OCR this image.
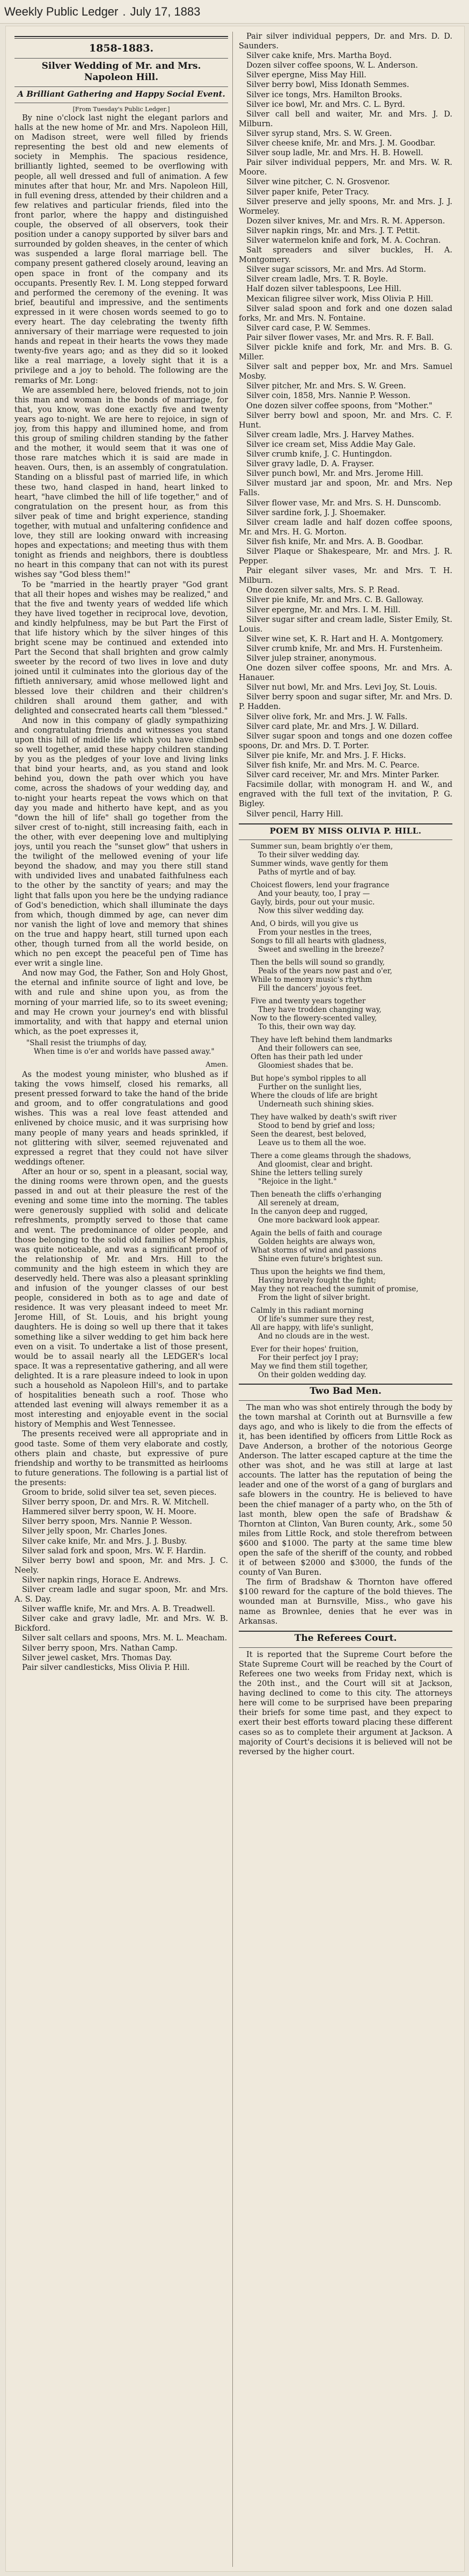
Weekly Public Ledger . July 17, 1883
1858-1883.
Silver Wedding of Mr. and Mrs.
Napoleon Hill.
A Brilliant Gathering and Happy Social Event.
[From Tuesday's Public Ledger.]

By nine o'clock last night the elegant parlors and halls at the new home of Mr. and Mrs. Napoleon Hill, on Madison street, were well filled by friends representing the best old and new elements of society in Memphis. The spacious residence, brilliantly lighted, seemed to be overflowing with people, all well dressed and full of animation. A few minutes after that hour, Mr. and Mrs. Napoleon Hill, in full evening dress, attended by their children and a few relatives and particular friends, filed into the front parlor, where the happy and distinguished couple, the observed of all observers, took their position under a canopy supported by silver bars and surrounded by golden sheaves, in the center of which was suspended a large floral marriage bell. The company present gathered closely around, leaving an open space in front of the company and its occupants. Presently Rev. I. M. Long stepped forward and performed the ceremony of the evening. It was brief, beautiful and impressive, and the sentiments expressed in it were chosen words seemed to go to every heart. The day celebrating the twenty fifth anniversary of their marriage were requested to join hands and repeat in their hearts the vows they made twenty-five years ago; and as they did so it looked like a real marriage, a lovely sight that it is a privilege and a joy to behold. The following are the remarks of Mr. Long:

We are assembled here, beloved friends, not to join this man and woman in the bonds of marriage, for that, you know, was done exactly five and twenty years ago to-night. We are here to rejoice, in sign of joy, from this happy and illumined home, and from this group of smiling children standing by the father and the mother, it would seem that it was one of those rare matches which it is said are made in heaven. Ours, then, is an assembly of congratulation. Standing on a blissful past of married life, in which these two, hand clasped in hand, heart linked to heart, "have climbed the hill of life together," and of congratulation on the present hour, as from this silver peak of time and bright experience, standing together, with mutual and unfaltering confidence and love, they still are looking onward with increasing hopes and expectations; and meeting thus with them tonight as friends and neighbors, there is doubtless no heart in this company that can not with its purest wishes say "God bless them!"

To be "married in the heartly prayer "God grant that all their hopes and wishes may be realized," and that the five and twenty years of wedded life which they have lived together in reciprocal love, devotion, and kindly helpfulness, may be but Part the First of that life history which by the silver hinges of this bright scene may be continued and extended into Part the Second that shall brighten and grow calmly sweeter by the record of two lives in love and duty joined until it culminates into the glorious day of the fiftieth anniversary, amid whose mellowed light and blessed love their children and their children's children shall around them gather, and with delighted and consecrated hearts call them "blessed."

And now in this company of gladly sympathizing and congratulating friends and witnesses you stand upon this hill of middle life which you have climbed so well together, amid these happy children standing by you as the pledges of your love and living links that bind your hearts, and, as you stand and look behind you, down the path over which you have come, across the shadows of your wedding day, and to-night your hearts repeat the vows which on that day you made and hitherto have kept, and as you "down the hill of life" shall go together from the silver crest of to-night, still increasing faith, each in the other, with ever deepening love and multiplying joys, until you reach the "sunset glow" that ushers in the twilight of the mellowed evening of your life beyond the shadow, and may you there still stand with undivided lives and unabated faithfulness each to the other by the sanctity of years; and may the light that falls upon you here be the undying radiance of God's benediction, which shall illuminate the days from which, though dimmed by age, can never dim nor vanish the light of love and memory that shines on the true and happy heart, still turned upon each other, though turned from all the world beside, on which no pen except the peaceful pen of Time has ever writ a single line.

And now may God, the Father, Son and Holy Ghost, the eternal and infinite source of light and love, be with and rule and shine upon you, as from the morning of your married life, so to its sweet evening; and may He crown your journey's end with blissful immortality, and with that happy and eternal union which, as the poet expresses it,

"Shall resist the triumphs of day,
When time is o'er and worlds have passed away."
Amen.

As the modest young minister, who blushed as if taking the vows himself, closed his remarks, all present pressed forward to take the hand of the bride and groom, and to offer congratulations and good wishes. This was a real love feast attended and enlivened by choice music, and it was surprising how many people of many years and heads sprinkled, if not glittering with silver, seemed rejuvenated and expressed a regret that they could not have silver weddings oftener.

After an hour or so, spent in a pleasant, social way, the dining rooms were thrown open, and the guests passed in and out at their pleasure the rest of the evening and some time into the morning. The tables were generously supplied with solid and delicate refreshments, promptly served to those that came and went. The predominance of older people, and those belonging to the solid old families of Memphis, was quite noticeable, and was a significant proof of the relationship of Mr. and Mrs. Hill to the community and the high esteem in which they are deservedly held. There was also a pleasant sprinkling and infusion of the younger classes of our best people, considered in both as to age and date of residence. It was very pleasant indeed to meet Mr. Jerome Hill, of St. Louis, and his bright young daughters. He is doing so well up there that it takes something like a silver wedding to get him back here even on a visit. To undertake a list of those present, would be to assail nearly all the LEDGER's local space. It was a representative gathering, and all were delighted. It is a rare pleasure indeed to look in upon such a household as Napoleon Hill's, and to partake of hospitalities beneath such a roof. Those who attended last evening will always remember it as a most interesting and enjoyable event in the social history of Memphis and West Tennessee.

The presents received were all appropriate and in good taste. Some of them very elaborate and costly, others plain and chaste, but expressive of pure friendship and worthy to be transmitted as heirlooms to future generations. The following is a partial list of the presents:

Groom to bride, solid silver tea set, seven pieces.
Silver berry spoon, Dr. and Mrs. R. W. Mitchell.
Hammered silver berry spoon, W. H. Moore.
Silver berry spoon, Mrs. Nannie P. Wesson.
Silver jelly spoon, Mr. Charles Jones.
Silver cake knife, Mr. and Mrs. J. J. Busby.
Silver salad fork and spoon, Mrs. W. F. Hardin.
Silver berry bowl and spoon, Mr. and Mrs. J. C. Neely.
Silver napkin rings, Horace E. Andrews.
Silver cream ladle and sugar spoon, Mr. and Mrs. A. S. Day.
Silver waffle knife, Mr. and Mrs. A. B. Treadwell.
Silver cake and gravy ladle, Mr. and Mrs. W. B. Bickford.
Silver salt cellars and spoons, Mrs. M. L. Meacham.
Silver berry spoon, Mrs. Nathan Camp.
Silver jewel casket, Mrs. Thomas Day.
Pair silver candlesticks, Miss Olivia P. Hill.
Pair silver individual peppers, Dr. and Mrs. D. D. Saunders.
Silver cake knife, Mrs. Martha Boyd.
Dozen silver coffee spoons, W. L. Anderson.
Silver epergne, Miss May Hill.
Silver berry bowl, Miss Idonath Semmes.
Silver ice tongs, Mrs. Hamilton Brooks.
Silver ice bowl, Mr. and Mrs. C. L. Byrd.
Silver call bell and waiter, Mr. and Mrs. J. D. Milburn.
Silver syrup stand, Mrs. S. W. Green.
Silver cheese knife, Mr. and Mrs. J. M. Goodbar.
Silver soup ladle, Mr. and Mrs. H. B. Howell.
Pair silver individual peppers, Mr. and Mrs. W. R. Moore.
Silver wine pitcher, C. N. Grosvenor.
Silver paper knife, Peter Tracy.
Silver preserve and jelly spoons, Mr. and Mrs. J. J. Wormeley.
Dozen silver knives, Mr. and Mrs. R. M. Apperson.
Silver napkin rings, Mr. and Mrs. J. T. Pettit.
Silver watermelon knife and fork, M. A. Cochran.
Salt spreaders and silver buckles, H. A. Montgomery.
Silver sugar scissors, Mr. and Mrs. Ad Storm.
Silver cream ladle, Mrs. T. R. Boyle.
Half dozen silver tablespoons, Lee Hill.
Mexican filigree silver work, Miss Olivia P. Hill.
Silver salad spoon and fork and one dozen salad forks, Mr. and Mrs. N. Fontaine.
Silver card case, P. W. Semmes.
Pair silver flower vases, Mr. and Mrs. R. F. Ball.
Silver pickle knife and fork, Mr. and Mrs. B. G. Miller.
Silver salt and pepper box, Mr. and Mrs. Samuel Mosby.
Silver pitcher, Mr. and Mrs. S. W. Green.
Silver coin, 1858, Mrs. Nannie P. Wesson.
One dozen silver coffee spoons, from "Mother."
Silver berry bowl and spoon, Mr. and Mrs. C. F. Hunt.
Silver cream ladle, Mrs. J. Harvey Mathes.
Silver ice cream set, Miss Addie May Gale.
Silver crumb knife, J. C. Huntingdon.
Silver gravy ladle, D. A. Frayser.
Silver punch bowl, Mr. and Mrs. Jerome Hill.
Silver mustard jar and spoon, Mr. and Mrs. Nep Falls.
Silver flower vase, Mr. and Mrs. S. H. Dunscomb.
Silver sardine fork, J. J. Shoemaker.
Silver cream ladle and half dozen coffee spoons, Mr. and Mrs. H. G. Morton.
Silver fish knife, Mr. and Mrs. A. B. Goodbar.
Silver Plaque or Shakespeare, Mr. and Mrs. J. R. Pepper.
Pair elegant silver vases, Mr. and Mrs. T. H. Milburn.
One dozen silver salts, Mrs. S. P. Read.
Silver pie knife, Mr. and Mrs. C. B. Galloway.
Silver epergne, Mr. and Mrs. I. M. Hill.
Silver sugar sifter and cream ladle, Sister Emily, St. Louis.
Silver wine set, K. R. Hart and H. A. Montgomery.
Silver crumb knife, Mr. and Mrs. H. Furstenheim.
Silver julep strainer, anonymous.
One dozen silver coffee spoons, Mr. and Mrs. A. Hanauer.
Silver nut bowl, Mr. and Mrs. Levi Joy, St. Louis.
Silver berry spoon and sugar sifter, Mr. and Mrs. D. P. Hadden.
Silver olive fork, Mr. and Mrs. J. W. Falls.
Silver card plate, Mr. and Mrs. J. W. Dillard.
Silver sugar spoon and tongs and one dozen coffee spoons, Dr. and Mrs. D. T. Porter.
Silver pie knife, Mr. and Mrs. J. F. Hicks.
Silver fish knife, Mr. and Mrs. M. C. Pearce.
Silver card receiver, Mr. and Mrs. Minter Parker.
Facsimile dollar, with monogram H. and W., and engraved with the full text of the invitation, P. G. Bigley.
Silver pencil, Harry Hill.
POEM BY MISS OLIVIA P. HILL.
Summer sun, beam brightly o'er them,
To their silver wedding day.
Summer winds, wave gently for them
Paths of myrtle and of bay.
Choicest flowers, lend your fragrance
And your beauty, too, I pray —
Gayly, birds, pour out your music.
Now this silver wedding day.
And, O birds, will you give us
From your nestles in the trees,
Songs to fill all hearts with gladness,
Sweet and swelling in the breeze?
Then the bells will sound so grandly,
Peals of the years now past and o'er,
While to memory music's rhythm
Fill the dancers' joyous feet.
Five and twenty years together
They have trodden changing way,
Now to the flowery-scented valley,
To this, their own way day.
They have left behind them landmarks
And their followers can see,
Often has their path led under
Gloomiest shades that be.
But hope's symbol ripples to all
Further on the sunlight lies,
Where the clouds of life are bright
Underneath such shining skies.
They have walked by death's swift river
Stood to bend by grief and loss;
Seen the dearest, best beloved,
Leave us to them all the woe.
There a come gleams through the shadows,
And gloomist, clear and bright.
Shine the letters telling surely
"Rejoice in the light."
Then beneath the cliffs o'erhanging
All serenely at dream,
In the canyon deep and rugged,
One more backward look appear.
Again the bells of faith and courage
Golden heights are always won,
What storms of wind and passions
Shine even future's brightest sun.
Thus upon the heights we find them,
Having bravely fought the fight;
May they not reached the summit of promise,
From the light of silver bright.
Calmly in this radiant morning
Of life's summer sure they rest,
All are happy, with life's sunlight,
And no clouds are in the west.
Ever for their hopes' fruition,
For their perfect joy I pray;
May we find them still together,
On their golden wedding day.
Two Bad Men.

The man who was shot entirely through the body by the town marshal at Corinth out at Burnsville a few days ago, and who is likely to die from the effects of it, has been identified by officers from Little Rock as Dave Anderson, a brother of the notorious George Anderson. The latter escaped capture at the time the other was shot, and he was still at large at last accounts. The latter has the reputation of being the leader and one of the worst of a gang of burglars and safe blowers in the country. He is believed to have been the chief manager of a party who, on the 5th of last month, blew open the safe of Bradshaw & Thornton at Clinton, Van Buren county, Ark., some 50 miles from Little Rock, and stole therefrom between $600 and $1000. The party at the same time blew open the safe of the sheriff of the county, and robbed it of between $2000 and $3000, the funds of the county of Van Buren.

The firm of Bradshaw & Thornton have offered $100 reward for the capture of the bold thieves. The wounded man at Burnsville, Miss., who gave his name as Brownlee, denies that he ever was in Arkansas.

The Referees Court.

It is reported that the Supreme Court before the State Supreme Court will be reached by the Court of Referees one two weeks from Friday next, which is the 20th inst., and the Court will sit at Jackson, having declined to come to this city. The attorneys here will come to be surprised have been preparing their briefs for some time past, and they expect to exert their best efforts toward placing these different cases so as to complete their argument at Jackson. A majority of Court's decisions it is believed will not be reversed by the higher court.
